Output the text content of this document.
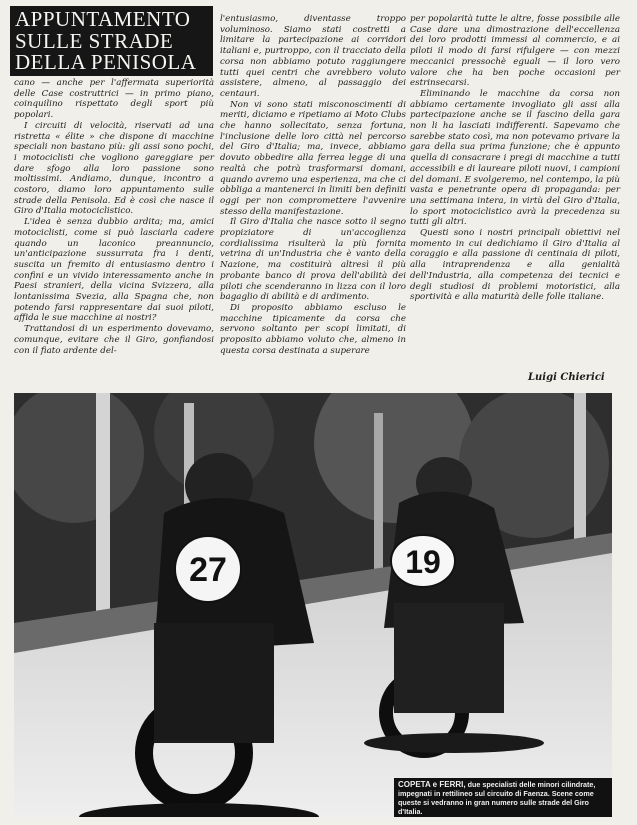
APPUNTAMENTO
SULLE STRADE
DELLA PENISOLA

cano — anche per l'affermata superiorità delle Case costruttrici — in primo piano, coinquilino rispettato degli sport più popolari.

I circuiti di velocità, riservati ad una ristretta « élite » che dispone di macchine speciali non bastano più: gli assi sono pochi, i motociclisti che vogliono gareggiare per dare sfogo alla loro passione sono moltissimi. Andiamo, dunque, incontro a costoro, diamo loro appuntamento sulle strade della Penisola. Ed è così che nasce il Giro d'Italia motociclistico.

L'idea è senza dubbio ardita; ma, amici motociclisti, come si può lasciarla cadere quando un laconico preannuncio, un'anticipazione sussurrata fra i denti, suscita un fremito di entusiasmo dentro i confini e un vivido interessamento anche in Paesi stranieri, della vicina Svizzera, alla lontanissima Svezia, alla Spagna che, non potendo farsi rappresentare dai suoi piloti, affida le sue macchine ai nostri?

Trattandosi di un esperimento dovevamo, comunque, evitare che il Giro, gonfiandosi con il fiato ardente del-

l'entusiasmo, diventasse troppo voluminoso. Siamo stati costretti a limitare la partecipazione ai corridori italiani e, purtroppo, con il tracciato della corsa non abbiamo potuto raggiungere tutti quei centri che avrebbero voluto assistere, almeno, al passaggio dei centauri.

Non vi sono stati misconoscimenti di meriti, diciamo e ripetiamo ai Moto Clubs che hanno sollecitato, senza fortuna, l'inclusione delle loro città nel percorso del Giro d'Italia; ma, invece, abbiamo dovuto obbedire alla ferrea legge di una realtà che potrà trasformarsi domani, quando avremo una esperienza, ma che ci obbliga a mantenerci in limiti ben definiti oggi per non compromettere l'avvenire stesso della manifestazione.

Il Giro d'Italia che nasce sotto il segno propiziatore di un'accoglienza cordialissima risulterà la più fornita vetrina di un'Industria che è vanto della Nazione, ma costituirà altresì il più probante banco di prova dell'abilità dei piloti che scenderanno in lizza con il loro bagaglio di abilità e di ardimento.

Di proposito abbiamo escluso le macchine tipicamente da corsa che servono soltanto per scopi limitati, di proposito abbiamo voluto che, almeno in questa corsa destinata a superare

per popolarità tutte le altre, fosse possibile alle Case dare una dimostrazione dell'eccellenza dei loro prodotti immessi al commercio, e ai piloti il modo di farsi rifulgere — con mezzi meccanici pressochè eguali — il loro vero valore che ha ben poche occasioni per estrinsecarsi.

Eliminando le macchine da corsa non abbiamo certamente invogliato gli assi alla partecipazione anche se il fascino della gara non li ha lasciati indifferenti. Sapevamo che sarebbe stato così, ma non potevamo privare la gara della sua prima funzione; che è appunto quella di consacrare i pregi di macchine a tutti accessibili e di laureare piloti nuovi, i campioni del domani. E svolgeremo, nel contempo, la più vasta e penetrante opera di propaganda: per una settimana intera, in virtù del Giro d'Italia, lo sport motociclistico avrà la precedenza su tutti gli altri.

Questi sono i nostri principali obiettivi nel momento in cui dedichiamo il Giro d'Italia al coraggio e alla passione di centinaia di piloti, alla intraprendenza e alla genialità dell'Industria, alla competenza dei tecnici e degli studiosi di problemi motoristici, alla sportività e alla maturità delle folle italiane.

Luigi Chierici
27	19
COPETA e FERRI, due specialisti delle minori cilindrate, impegnati in rettilineo sul circuito di Faenza. Scene come queste si vedranno in gran numero sulle strade del Giro d'Italia.
